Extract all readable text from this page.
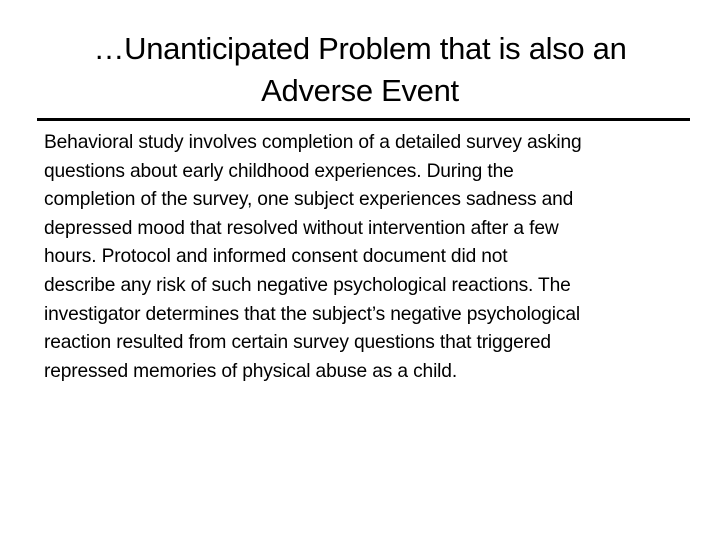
…Unanticipated Problem that is also an
Adverse Event

Behavioral study involves completion of a detailed survey asking
questions about early childhood experiences. During the
completion of the survey, one subject experiences sadness and
depressed mood that resolved without intervention after a few
hours. Protocol and informed consent document did not
describe any risk of such negative psychological reactions. The
investigator determines that the subject’s negative psychological
reaction resulted from certain survey questions that triggered
repressed memories of physical abuse as a child.
